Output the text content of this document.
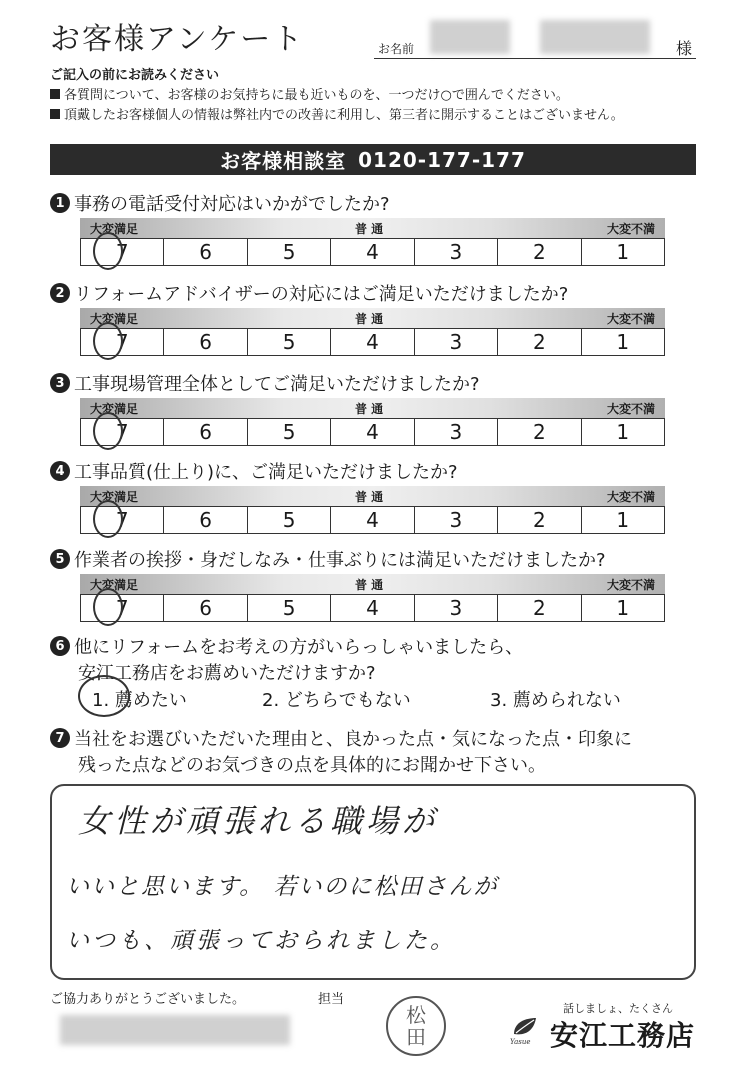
お客様アンケート	お名前	様
ご記入の前にお読みください
各質問について、お客様のお気持ちに最も近いものを、一つだけ○で囲んでください。
頂戴したお客様個人の情報は弊社内での改善に利用し、第三者に開示することはございません。
お客様相談室 0120-177-177
1 事務の電話受付対応はいかがでしたか?
大変満足	普 通	大変不満
7	6	5	4	3	2	1
2 リフォームアドバイザーの対応にはご満足いただけましたか?
大変満足	普 通	大変不満
7	6	5	4	3	2	1
3 工事現場管理全体としてご満足いただけましたか?
大変満足	普 通	大変不満
7	6	5	4	3	2	1
4 工事品質(仕上り)に、ご満足いただけましたか?
大変満足	普 通	大変不満
7	6	5	4	3	2	1
5 作業者の挨拶・身だしなみ・仕事ぶりには満足いただけましたか?
大変満足	普 通	大変不満
7	6	5	4	3	2	1
6 他にリフォームをお考えの方がいらっしゃいましたら、
安江工務店をお薦めいただけますか?
1. 薦めたい	2. どちらでもない	3. 薦められない
7 当社をお選びいただいた理由と、良かった点・気になった点・印象に
残った点などのお気づきの点を具体的にお聞かせ下さい。
女性が頑張れる職場が
いいと思います。 若いのに松田さんが
いつも、頑張っておられました。
ご協力ありがとうございました。	担当
松
田	Yasue
話しましょ、たくさん
安江工務店
